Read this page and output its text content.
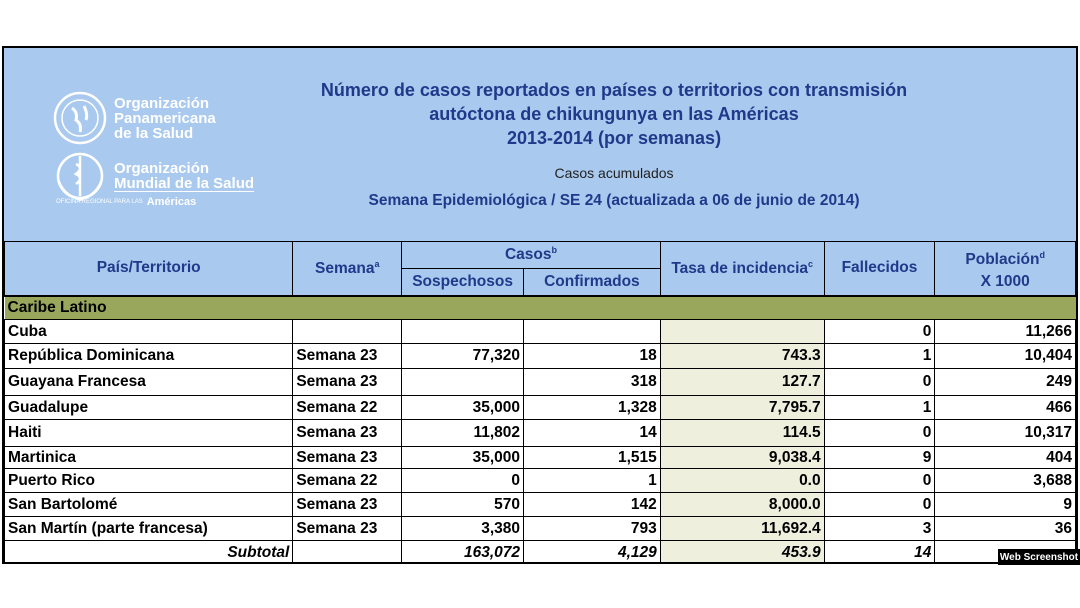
Organización
Panamericana
de la Salud
Organización
Mundial de la Salud
OFICINA REGIONAL PARA LAS Américas
Número de casos reportados en países o territorios con transmisión
autóctona de chikungunya en las Américas
2013-2014 (por semanas)
Casos acumulados
Semana Epidemiológica / SE 24 (actualizada a 06 de junio de 2014)
País/Territorio	Semana$^a$	Casos$^b$		Tasa de incidencia$^c$	Fallecidos	Población$^d$
X 1000

		Sospechosos	Confirmados			
Caribe Latino						
Cuba					0	11,266
República Dominicana	Semana 23	77,320	18	743.3	1	10,404
Guayana Francesa	Semana 23		318	127.7	0	249
Guadalupe	Semana 22	35,000	1,328	7,795.7	1	466
Haiti	Semana 23	11,802	14	114.5	0	10,317
Martinica	Semana 23	35,000	1,515	9,038.4	9	404
Puerto Rico	Semana 22	0	1	0.0	0	3,688
San Bartolomé	Semana 23	570	142	8,000.0	0	9
San Martín (parte francesa)	Semana 23	3,380	793	11,692.4	3	36
Subtotal		163,072	4,129	453.9	14		Web Screenshot
